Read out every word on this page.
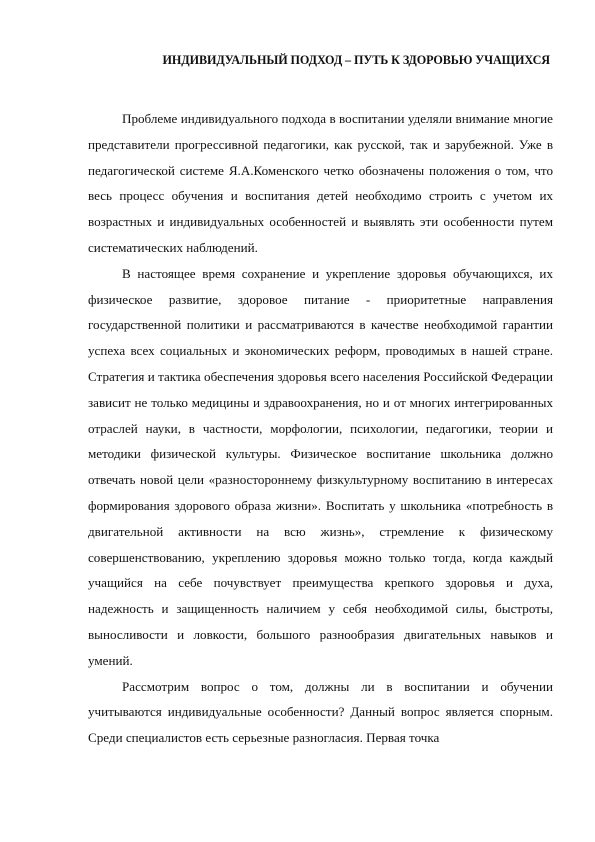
ИНДИВИДУАЛЬНЫЙ ПОДХОД – ПУТЬ К ЗДОРОВЬЮ УЧАЩИХСЯ

Проблеме индивидуального подхода в воспитании уделяли внимание многие представители прогрессивной педагогики, как русской, так и зарубежной. Уже в педагогической системе Я.А.Коменского четко обозначены положения о том, что весь процесс обучения и воспитания детей необходимо строить с учетом их возрастных и индивидуальных особенностей и выявлять эти особенности путем систематических наблюдений.

В настоящее время сохранение и укрепление здоровья обучающихся, их физическое развитие, здоровое питание - приоритетные направления государственной политики и рассматриваются в качестве необходимой гарантии успеха всех социальных и экономических реформ, проводимых в нашей стране. Стратегия и тактика обеспечения здоровья всего населения Российской Федерации зависит не только медицины и здравоохранения, но и от многих интегрированных отраслей науки, в частности, морфологии, психологии, педагогики, теории и методики физической культуры. Физическое воспитание школьника должно отвечать новой цели «разностороннему физкультурному воспитанию в интересах формирования здорового образа жизни». Воспитать у школьника «потребность в двигательной активности на всю жизнь», стремление к физическому совершенствованию, укреплению здоровья можно только тогда, когда каждый учащийся на себе почувствует преимущества крепкого здоровья и духа, надежность и защищенность наличием у себя необходимой силы, быстроты, выносливости и ловкости, большого разнообразия двигательных навыков и умений.

Рассмотрим вопрос о том, должны ли в воспитании и обучении учитываются индивидуальные особенности? Данный вопрос является спорным. Среди специалистов есть серьезные разногласия. Первая точка
